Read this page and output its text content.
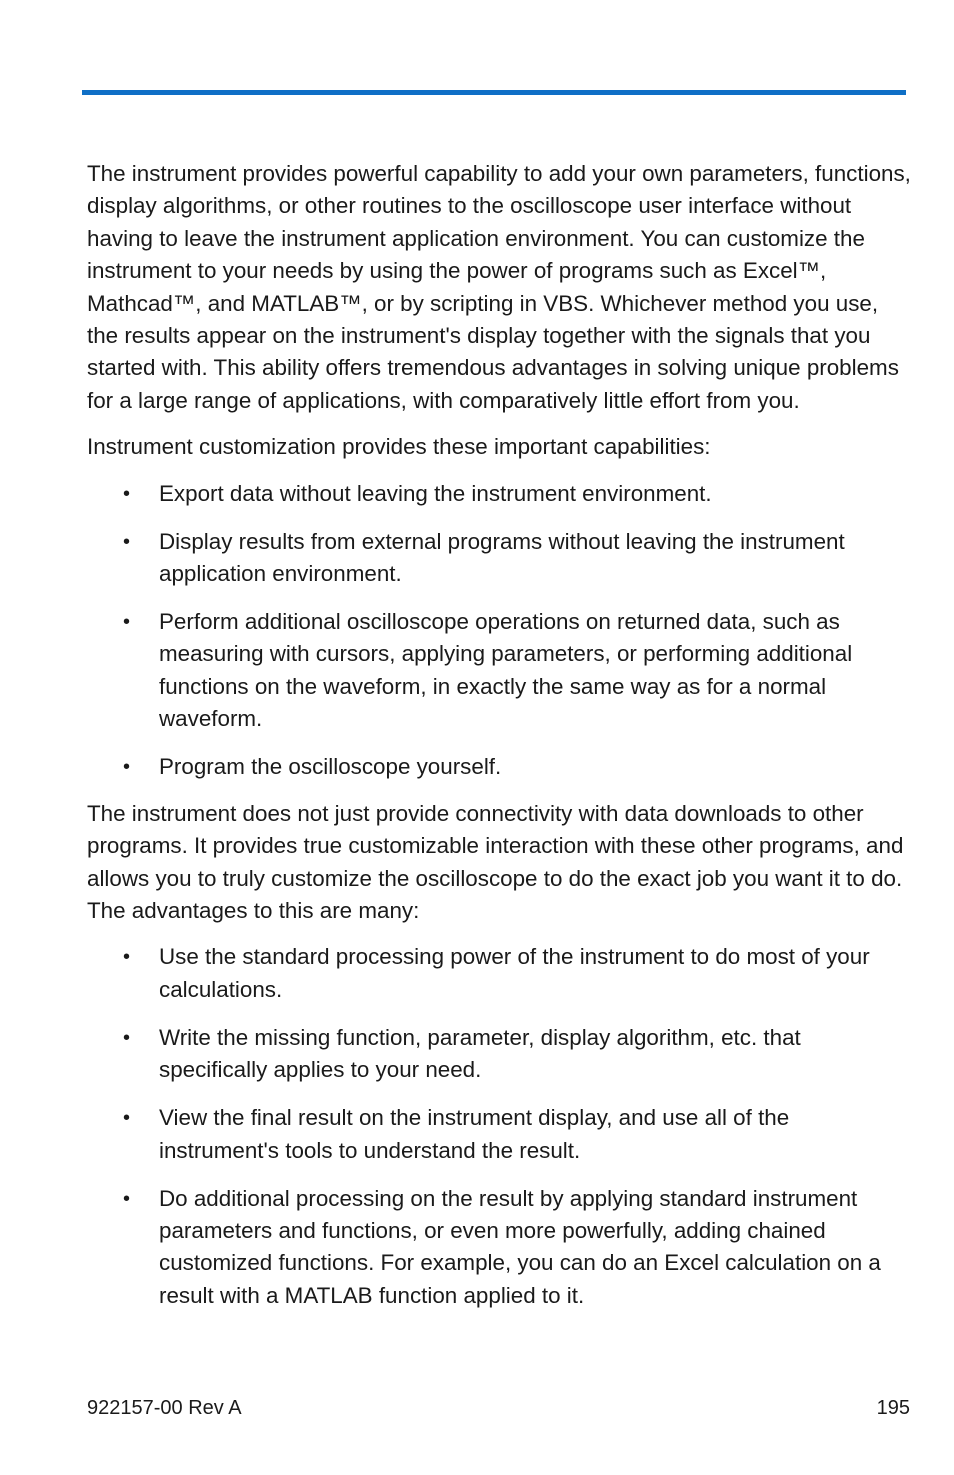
The instrument provides powerful capability to add your own parameters, functions, display algorithms, or other routines to the oscilloscope user interface without having to leave the instrument application environment. You can customize the instrument to your needs by using the power of programs such as Excel™, Mathcad™, and MATLAB™, or by scripting in VBS. Whichever method you use, the results appear on the instrument's display together with the signals that you started with. This ability offers tremendous advantages in solving unique problems for a large range of applications, with comparatively little effort from you.

Instrument customization provides these important capabilities:

•	Export data without leaving the instrument environment.
•	Display results from external programs without leaving the instrument application environment.
•	Perform additional oscilloscope operations on returned data, such as measuring with cursors, applying parameters, or performing additional functions on the waveform, in exactly the same way as for a normal waveform.
•	Program the oscilloscope yourself.

The instrument does not just provide connectivity with data downloads to other programs. It provides true customizable interaction with these other programs, and allows you to truly customize the oscilloscope to do the exact job you want it to do. The advantages to this are many:

•	Use the standard processing power of the instrument to do most of your calculations.
•	Write the missing function, parameter, display algorithm, etc. that specifically applies to your need.
•	View the final result on the instrument display, and use all of the instrument's tools to understand the result.
•	Do additional processing on the result by applying standard instrument parameters and functions, or even more powerfully, adding chained customized functions. For example, you can do an Excel calculation on a result with a MATLAB function applied to it.
922157-00 Rev A	195
